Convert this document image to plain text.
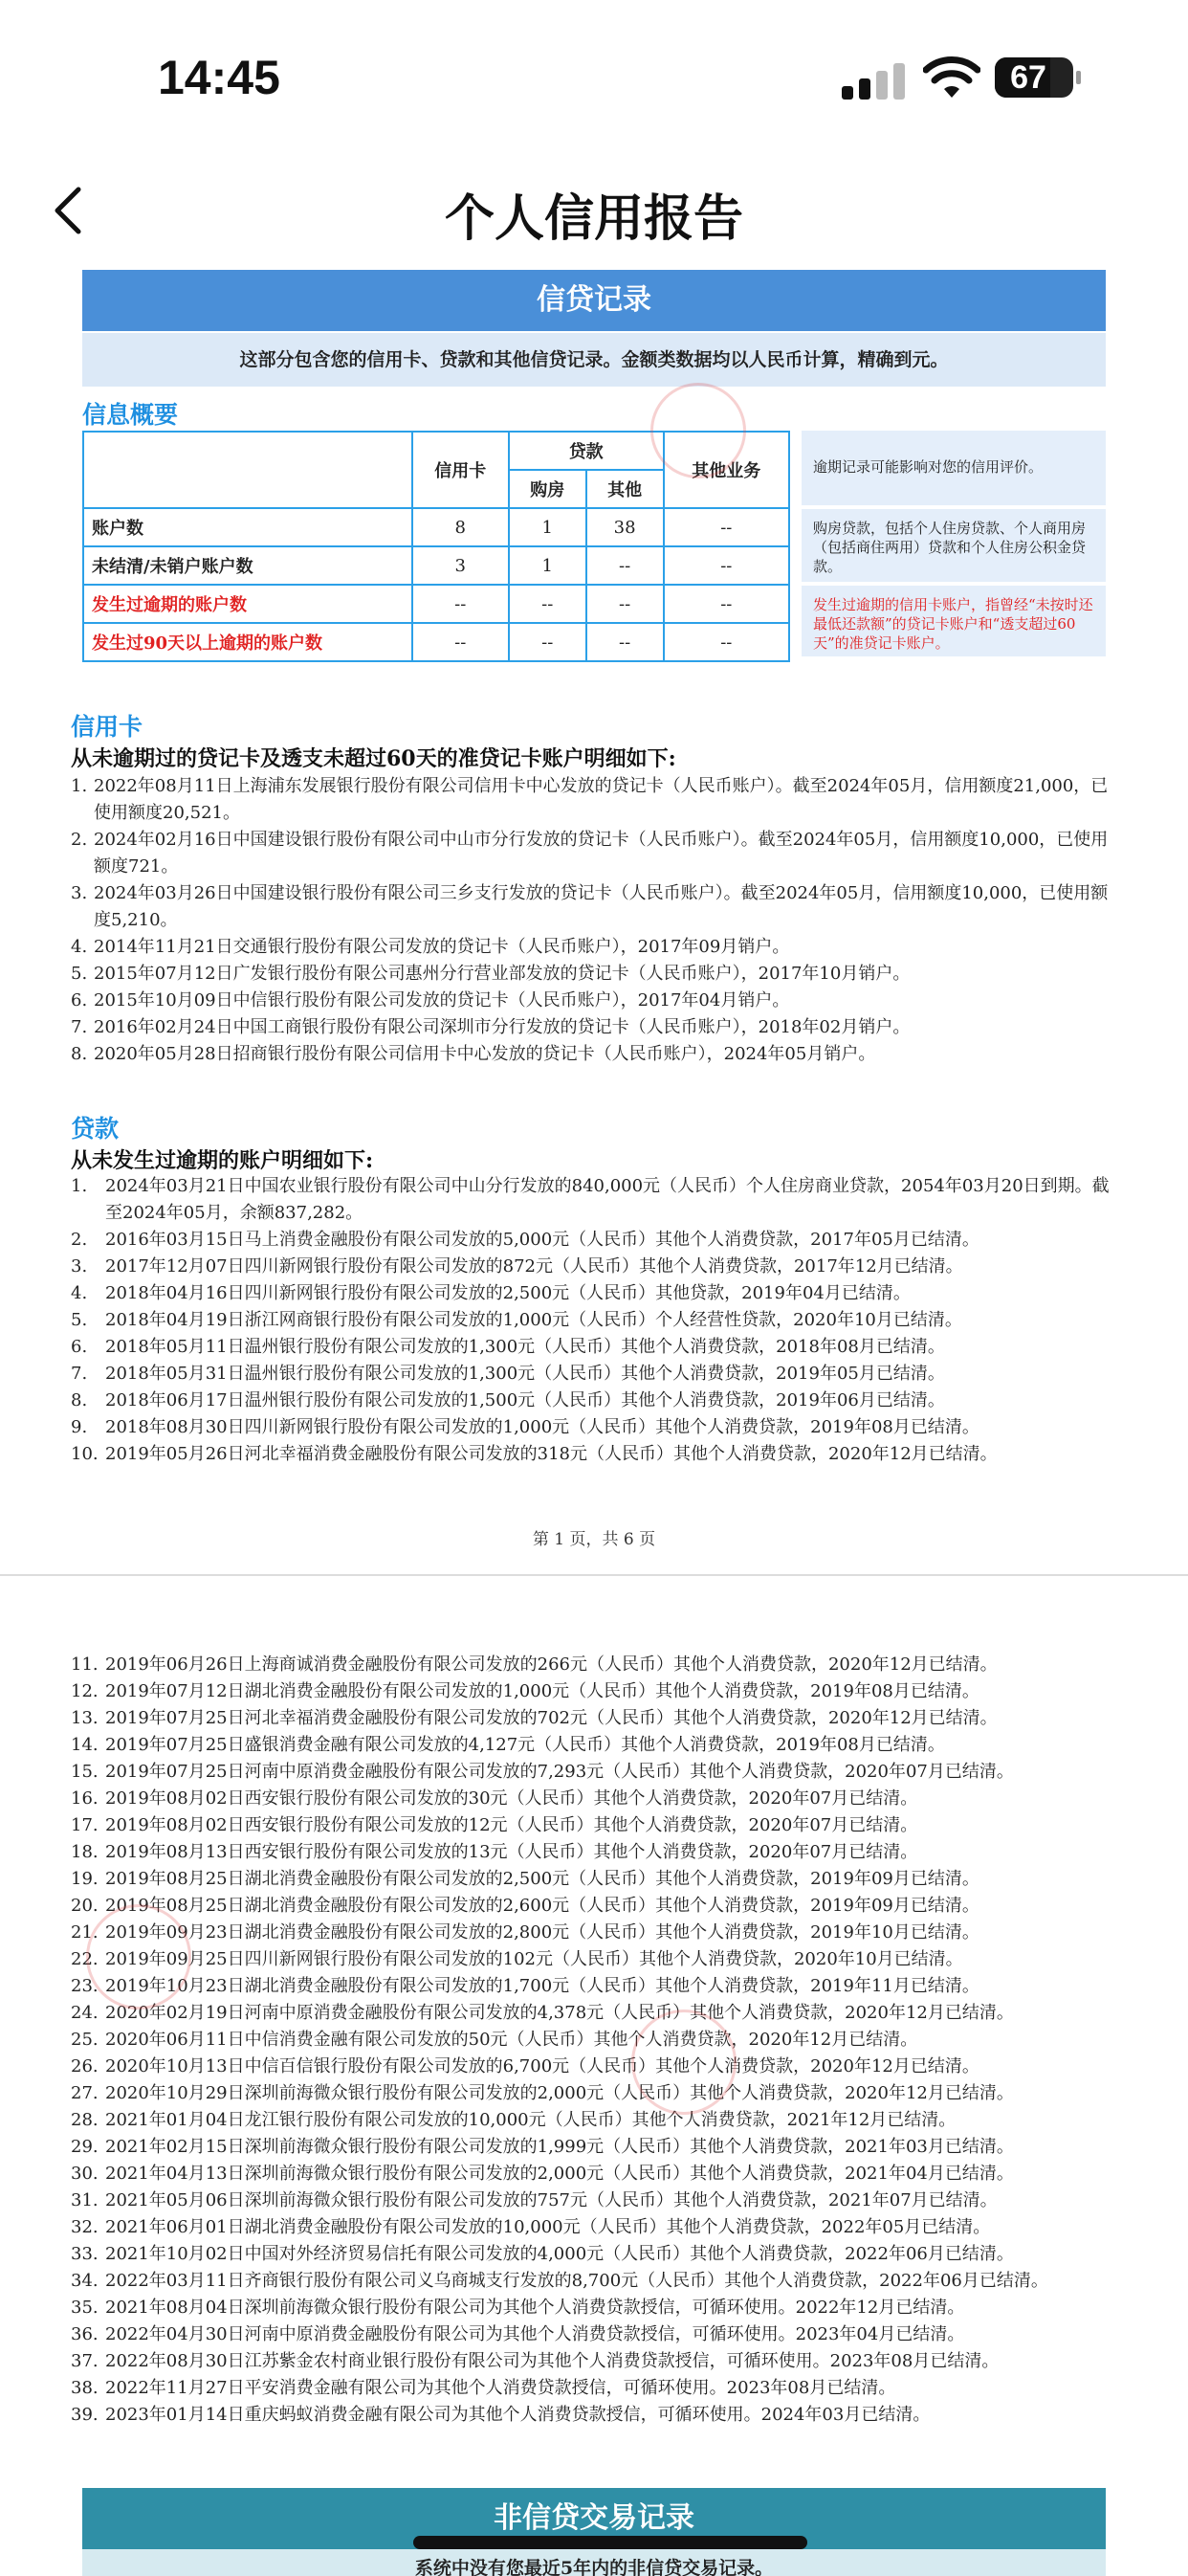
14:45	67
个人信用报告
信贷记录
这部分包含您的信用卡、贷款和其他信贷记录。金额类数据均以人民币计算，精确到元。
信息概要
	信用卡	贷款		其他业务
		购房	其他	
账户数	8	1	38	--
未结清/未销户账户数	3	1	--	--
发生过逾期的账户数	--	--	--	--
发生过90天以上逾期的账户数	--	--	--	--
逾期记录可能影响对您的信用评价。
购房贷款，包括个人住房贷款、个人商用房（包括商住两用）贷款和个人住房公积金贷款。
发生过逾期的信用卡账户，指曾经“未按时还最低还款额”的贷记卡账户和“透支超过60天”的准贷记卡账户。
信用卡
从未逾期过的贷记卡及透支未超过60天的准贷记卡账户明细如下:
1. 2022年08月11日上海浦东发展银行股份有限公司信用卡中心发放的贷记卡（人民币账户）。截至2024年05月，信用额度21,000，已使用额度20,521。
2. 2024年02月16日中国建设银行股份有限公司中山市分行发放的贷记卡（人民币账户）。截至2024年05月，信用额度10,000，已使用额度721。
3. 2024年03月26日中国建设银行股份有限公司三乡支行发放的贷记卡（人民币账户）。截至2024年05月，信用额度10,000，已使用额度5,210。
4. 2014年11月21日交通银行股份有限公司发放的贷记卡（人民币账户），2017年09月销户。
5. 2015年07月12日广发银行股份有限公司惠州分行营业部发放的贷记卡（人民币账户），2017年10月销户。
6. 2015年10月09日中信银行股份有限公司发放的贷记卡（人民币账户），2017年04月销户。
7. 2016年02月24日中国工商银行股份有限公司深圳市分行发放的贷记卡（人民币账户），2018年02月销户。
8. 2020年05月28日招商银行股份有限公司信用卡中心发放的贷记卡（人民币账户），2024年05月销户。
贷款
从未发生过逾期的账户明细如下:
1.	2024年03月21日中国农业银行股份有限公司中山分行发放的840,000元（人民币）个人住房商业贷款，2054年03月20日到期。截至2024年05月，余额837,282。
2.	2016年03月15日马上消费金融股份有限公司发放的5,000元（人民币）其他个人消费贷款，2017年05月已结清。
3.	2017年12月07日四川新网银行股份有限公司发放的872元（人民币）其他个人消费贷款，2017年12月已结清。
4.	2018年04月16日四川新网银行股份有限公司发放的2,500元（人民币）其他贷款，2019年04月已结清。
5.	2018年04月19日浙江网商银行股份有限公司发放的1,000元（人民币）个人经营性贷款，2020年10月已结清。
6.	2018年05月11日温州银行股份有限公司发放的1,300元（人民币）其他个人消费贷款，2018年08月已结清。
7.	2018年05月31日温州银行股份有限公司发放的1,300元（人民币）其他个人消费贷款，2019年05月已结清。
8.	2018年06月17日温州银行股份有限公司发放的1,500元（人民币）其他个人消费贷款，2019年06月已结清。
9.	2018年08月30日四川新网银行股份有限公司发放的1,000元（人民币）其他个人消费贷款，2019年08月已结清。
10. 2019年05月26日河北幸福消费金融股份有限公司发放的318元（人民币）其他个人消费贷款，2020年12月已结清。
第 1 页，共 6 页
11. 2019年06月26日上海商诚消费金融股份有限公司发放的266元（人民币）其他个人消费贷款，2020年12月已结清。
12. 2019年07月12日湖北消费金融股份有限公司发放的1,000元（人民币）其他个人消费贷款，2019年08月已结清。
13. 2019年07月25日河北幸福消费金融股份有限公司发放的702元（人民币）其他个人消费贷款，2020年12月已结清。
14. 2019年07月25日盛银消费金融有限公司发放的4,127元（人民币）其他个人消费贷款，2019年08月已结清。
15. 2019年07月25日河南中原消费金融股份有限公司发放的7,293元（人民币）其他个人消费贷款，2020年07月已结清。
16. 2019年08月02日西安银行股份有限公司发放的30元（人民币）其他个人消费贷款，2020年07月已结清。
17. 2019年08月02日西安银行股份有限公司发放的12元（人民币）其他个人消费贷款，2020年07月已结清。
18. 2019年08月13日西安银行股份有限公司发放的13元（人民币）其他个人消费贷款，2020年07月已结清。
19. 2019年08月25日湖北消费金融股份有限公司发放的2,500元（人民币）其他个人消费贷款，2019年09月已结清。
20. 2019年08月25日湖北消费金融股份有限公司发放的2,600元（人民币）其他个人消费贷款，2019年09月已结清。
21. 2019年09月23日湖北消费金融股份有限公司发放的2,800元（人民币）其他个人消费贷款，2019年10月已结清。
22. 2019年09月25日四川新网银行股份有限公司发放的102元（人民币）其他个人消费贷款，2020年10月已结清。
23. 2019年10月23日湖北消费金融股份有限公司发放的1,700元（人民币）其他个人消费贷款，2019年11月已结清。
24. 2020年02月19日河南中原消费金融股份有限公司发放的4,378元（人民币）其他个人消费贷款，2020年12月已结清。
25. 2020年06月11日中信消费金融有限公司发放的50元（人民币）其他个人消费贷款，2020年12月已结清。
26. 2020年10月13日中信百信银行股份有限公司发放的6,700元（人民币）其他个人消费贷款，2020年12月已结清。
27. 2020年10月29日深圳前海微众银行股份有限公司发放的2,000元（人民币）其他个人消费贷款，2020年12月已结清。
28. 2021年01月04日龙江银行股份有限公司发放的10,000元（人民币）其他个人消费贷款，2021年12月已结清。
29. 2021年02月15日深圳前海微众银行股份有限公司发放的1,999元（人民币）其他个人消费贷款，2021年03月已结清。
30. 2021年04月13日深圳前海微众银行股份有限公司发放的2,000元（人民币）其他个人消费贷款，2021年04月已结清。
31. 2021年05月06日深圳前海微众银行股份有限公司发放的757元（人民币）其他个人消费贷款，2021年07月已结清。
32. 2021年06月01日湖北消费金融股份有限公司发放的10,000元（人民币）其他个人消费贷款，2022年05月已结清。
33. 2021年10月02日中国对外经济贸易信托有限公司发放的4,000元（人民币）其他个人消费贷款，2022年06月已结清。
34. 2022年03月11日齐商银行股份有限公司义乌商城支行发放的8,700元（人民币）其他个人消费贷款，2022年06月已结清。
35. 2021年08月04日深圳前海微众银行股份有限公司为其他个人消费贷款授信，可循环使用。2022年12月已结清。
36. 2022年04月30日河南中原消费金融股份有限公司为其他个人消费贷款授信，可循环使用。2023年04月已结清。
37. 2022年08月30日江苏紫金农村商业银行股份有限公司为其他个人消费贷款授信，可循环使用。2023年08月已结清。
38. 2022年11月27日平安消费金融有限公司为其他个人消费贷款授信，可循环使用。2023年08月已结清。
39. 2023年01月14日重庆蚂蚁消费金融有限公司为其他个人消费贷款授信，可循环使用。2024年03月已结清。
非信贷交易记录
系统中没有您最近5年内的非信贷交易记录。
